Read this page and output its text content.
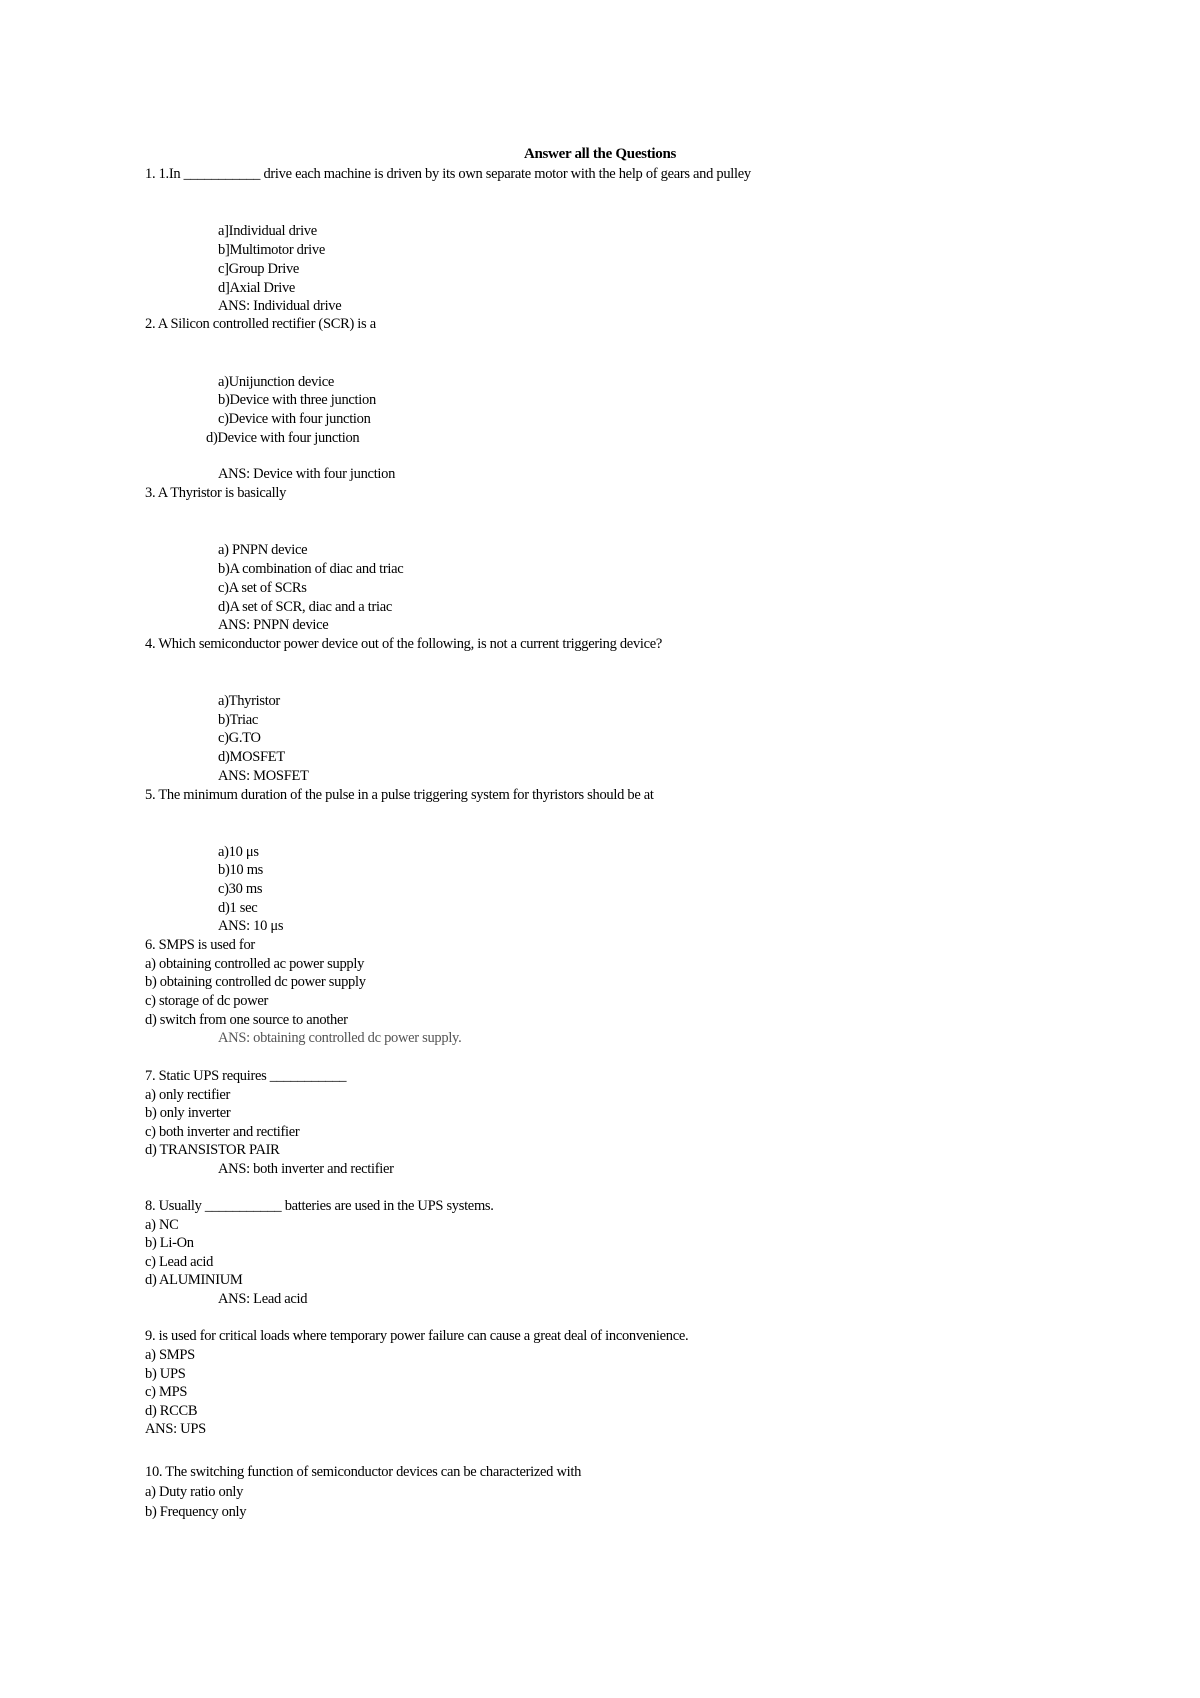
Answer all the Questions
1. 1.In ___________ drive each machine is driven by its own separate motor with the help of gears and pulley
a]Individual drive
b]Multimotor drive
c]Group Drive
d]Axial Drive
ANS: Individual drive
2. A Silicon controlled rectifier (SCR) is a
a)Unijunction device
b)Device with three junction
c)Device with four junction
d)Device with four junction
ANS: Device with four junction
3. A Thyristor is basically
a) PNPN device
b)A combination of diac and triac
c)A set of SCRs
d)A set of SCR, diac and a triac
ANS: PNPN device
4. Which semiconductor power device out of the following, is not a current triggering device?
a)Thyristor
b)Triac
c)G.TO
d)MOSFET
ANS: MOSFET
5. The minimum duration of the pulse in a pulse triggering system for thyristors should be at
a)10 μs
b)10 ms
c)30 ms
d)1 sec
ANS: 10 μs
6. SMPS is used for
a) obtaining controlled ac power supply
b) obtaining controlled dc power supply
c) storage of dc power
d) switch from one source to another
ANS: obtaining controlled dc power supply.
7. Static UPS requires ___________
a) only rectifier
b) only inverter
c) both inverter and rectifier
d) TRANSISTOR PAIR
ANS: both inverter and rectifier
8. Usually ___________ batteries are used in the UPS systems.
a) NC
b) Li-On
c) Lead acid
d) ALUMINIUM
ANS: Lead acid
9. is used for critical loads where temporary power failure can cause a great deal of inconvenience.
a) SMPS
b) UPS
c) MPS
d) RCCB
ANS: UPS
10. The switching function of semiconductor devices can be characterized with
a) Duty ratio only
b) Frequency only
